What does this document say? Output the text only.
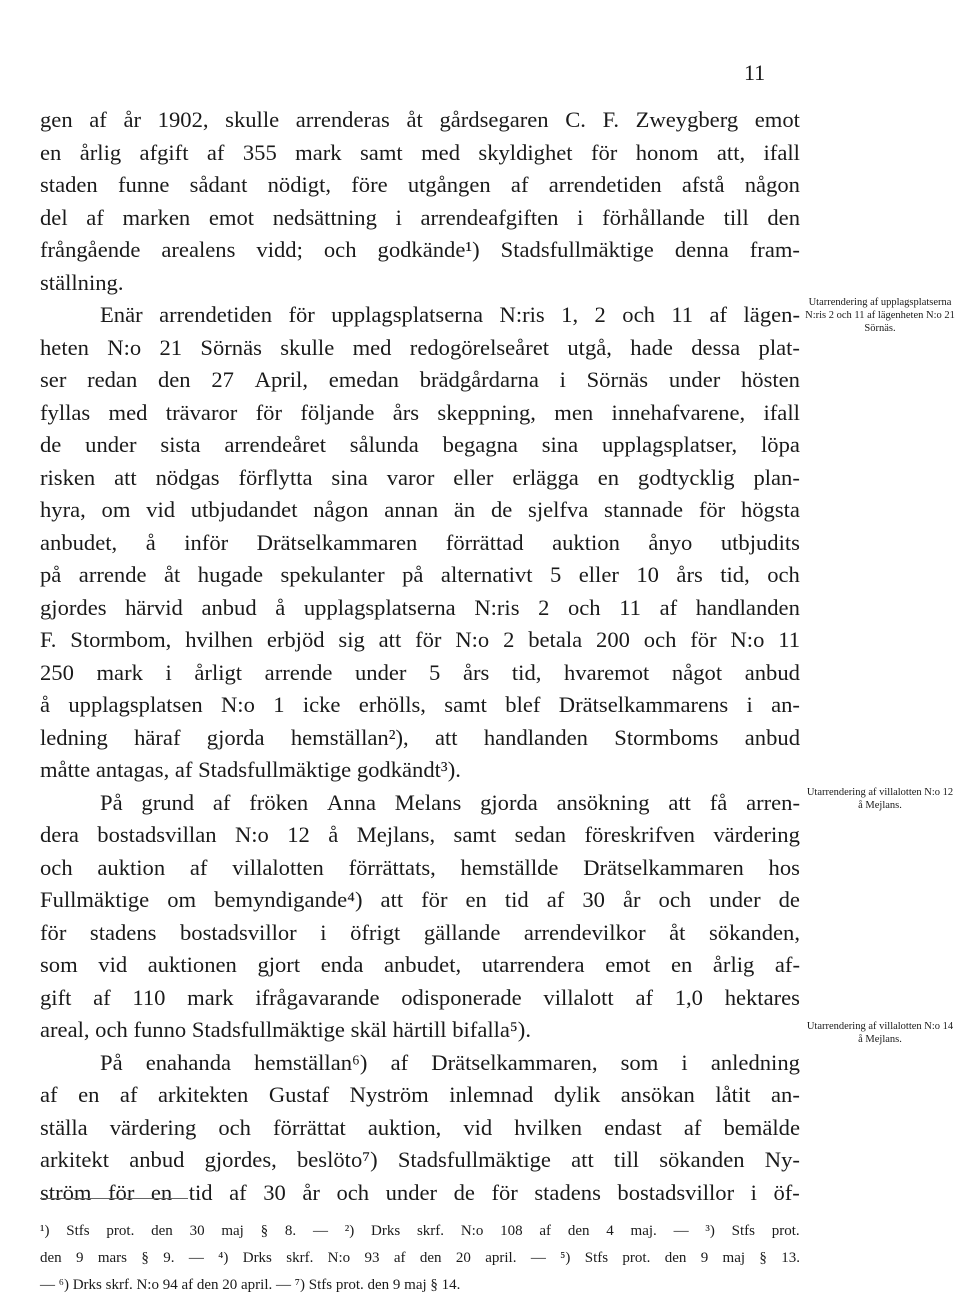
11
gen af år 1902, skulle arrenderas åt gårdsegaren C. F. Zweygberg emot
en årlig afgift af 355 mark samt med skyldighet för honom att, ifall
staden funne sådant nödigt, före utgången af arrendetiden afstå någon
del af marken emot nedsättning i arrendeafgiften i förhållande till den
frångående arealens vidd; och godkände¹) Stadsfullmäktige denna fram-
ställning.
Enär arrendetiden för upplagsplatserna N:ris 1, 2 och 11 af lägen-
heten N:o 21 Sörnäs skulle med redogörelseåret utgå, hade dessa plat-
ser redan den 27 April, emedan brädgårdarna i Sörnäs under hösten
fyllas med trävaror för följande års skeppning, men innehafvarene, ifall
de under sista arrendeåret sålunda begagna sina upplagsplatser, löpa
risken att nödgas förflytta sina varor eller erlägga en godtycklig plan-
hyra, om vid utbjudandet någon annan än de sjelfva stannade för högsta
anbudet, å inför Drätselkammaren förrättad auktion ånyo utbjudits
på arrende åt hugade spekulanter på alternativt 5 eller 10 års tid, och
gjordes härvid anbud å upplagsplatserna N:ris 2 och 11 af handlanden
F. Stormbom, hvilhen erbjöd sig att för N:o 2 betala 200 och för N:o 11
250 mark i årligt arrende under 5 års tid, hvaremot något anbud
å upplagsplatsen N:o 1 icke erhölls, samt blef Drätselkammarens i an-
ledning häraf gjorda hemställan²), att handlanden Stormboms anbud
måtte antagas, af Stadsfullmäktige godkändt³).
På grund af fröken Anna Melans gjorda ansökning att få arren-
dera bostadsvillan N:o 12 å Mejlans, samt sedan föreskrifven värdering
och auktion af villalotten förrättats, hemställde Drätselkammaren hos
Fullmäktige om bemyndigande⁴) att för en tid af 30 år och under de
för stadens bostadsvillor i öfrigt gällande arrendevilkor åt sökanden,
som vid auktionen gjort enda anbudet, utarrendera emot en årlig af-
gift af 110 mark ifrågavarande odisponerade villalott af 1,0 hektares
areal, och funno Stadsfullmäktige skäl härtill bifalla⁵).
På enahanda hemställan⁶) af Drätselkammaren, som i anledning
af en af arkitekten Gustaf Nyström inlemnad dylik ansökan låtit an-
ställa värdering och förrättat auktion, vid hvilken endast af bemälde
arkitekt anbud gjordes, beslöto⁷) Stadsfullmäktige att till sökanden Ny-
ström för en tid af 30 år och under de för stadens bostadsvillor i öf-
Utarrendering af upplagsplatserna N:ris 2 och 11 af lägenheten N:o 21 Sörnäs.
Utarrendering af villalotten N:o 12 å Mejlans.
Utarrendering af villalotten N:o 14 å Mejlans.
¹) Stfs prot. den 30 maj § 8. — ²) Drks skrf. N:o 108 af den 4 maj. — ³) Stfs prot.
den 9 mars § 9. — ⁴) Drks skrf. N:o 93 af den 20 april. — ⁵) Stfs prot. den 9 maj § 13.
— ⁶) Drks skrf. N:o 94 af den 20 april. — ⁷) Stfs prot. den 9 maj § 14.
